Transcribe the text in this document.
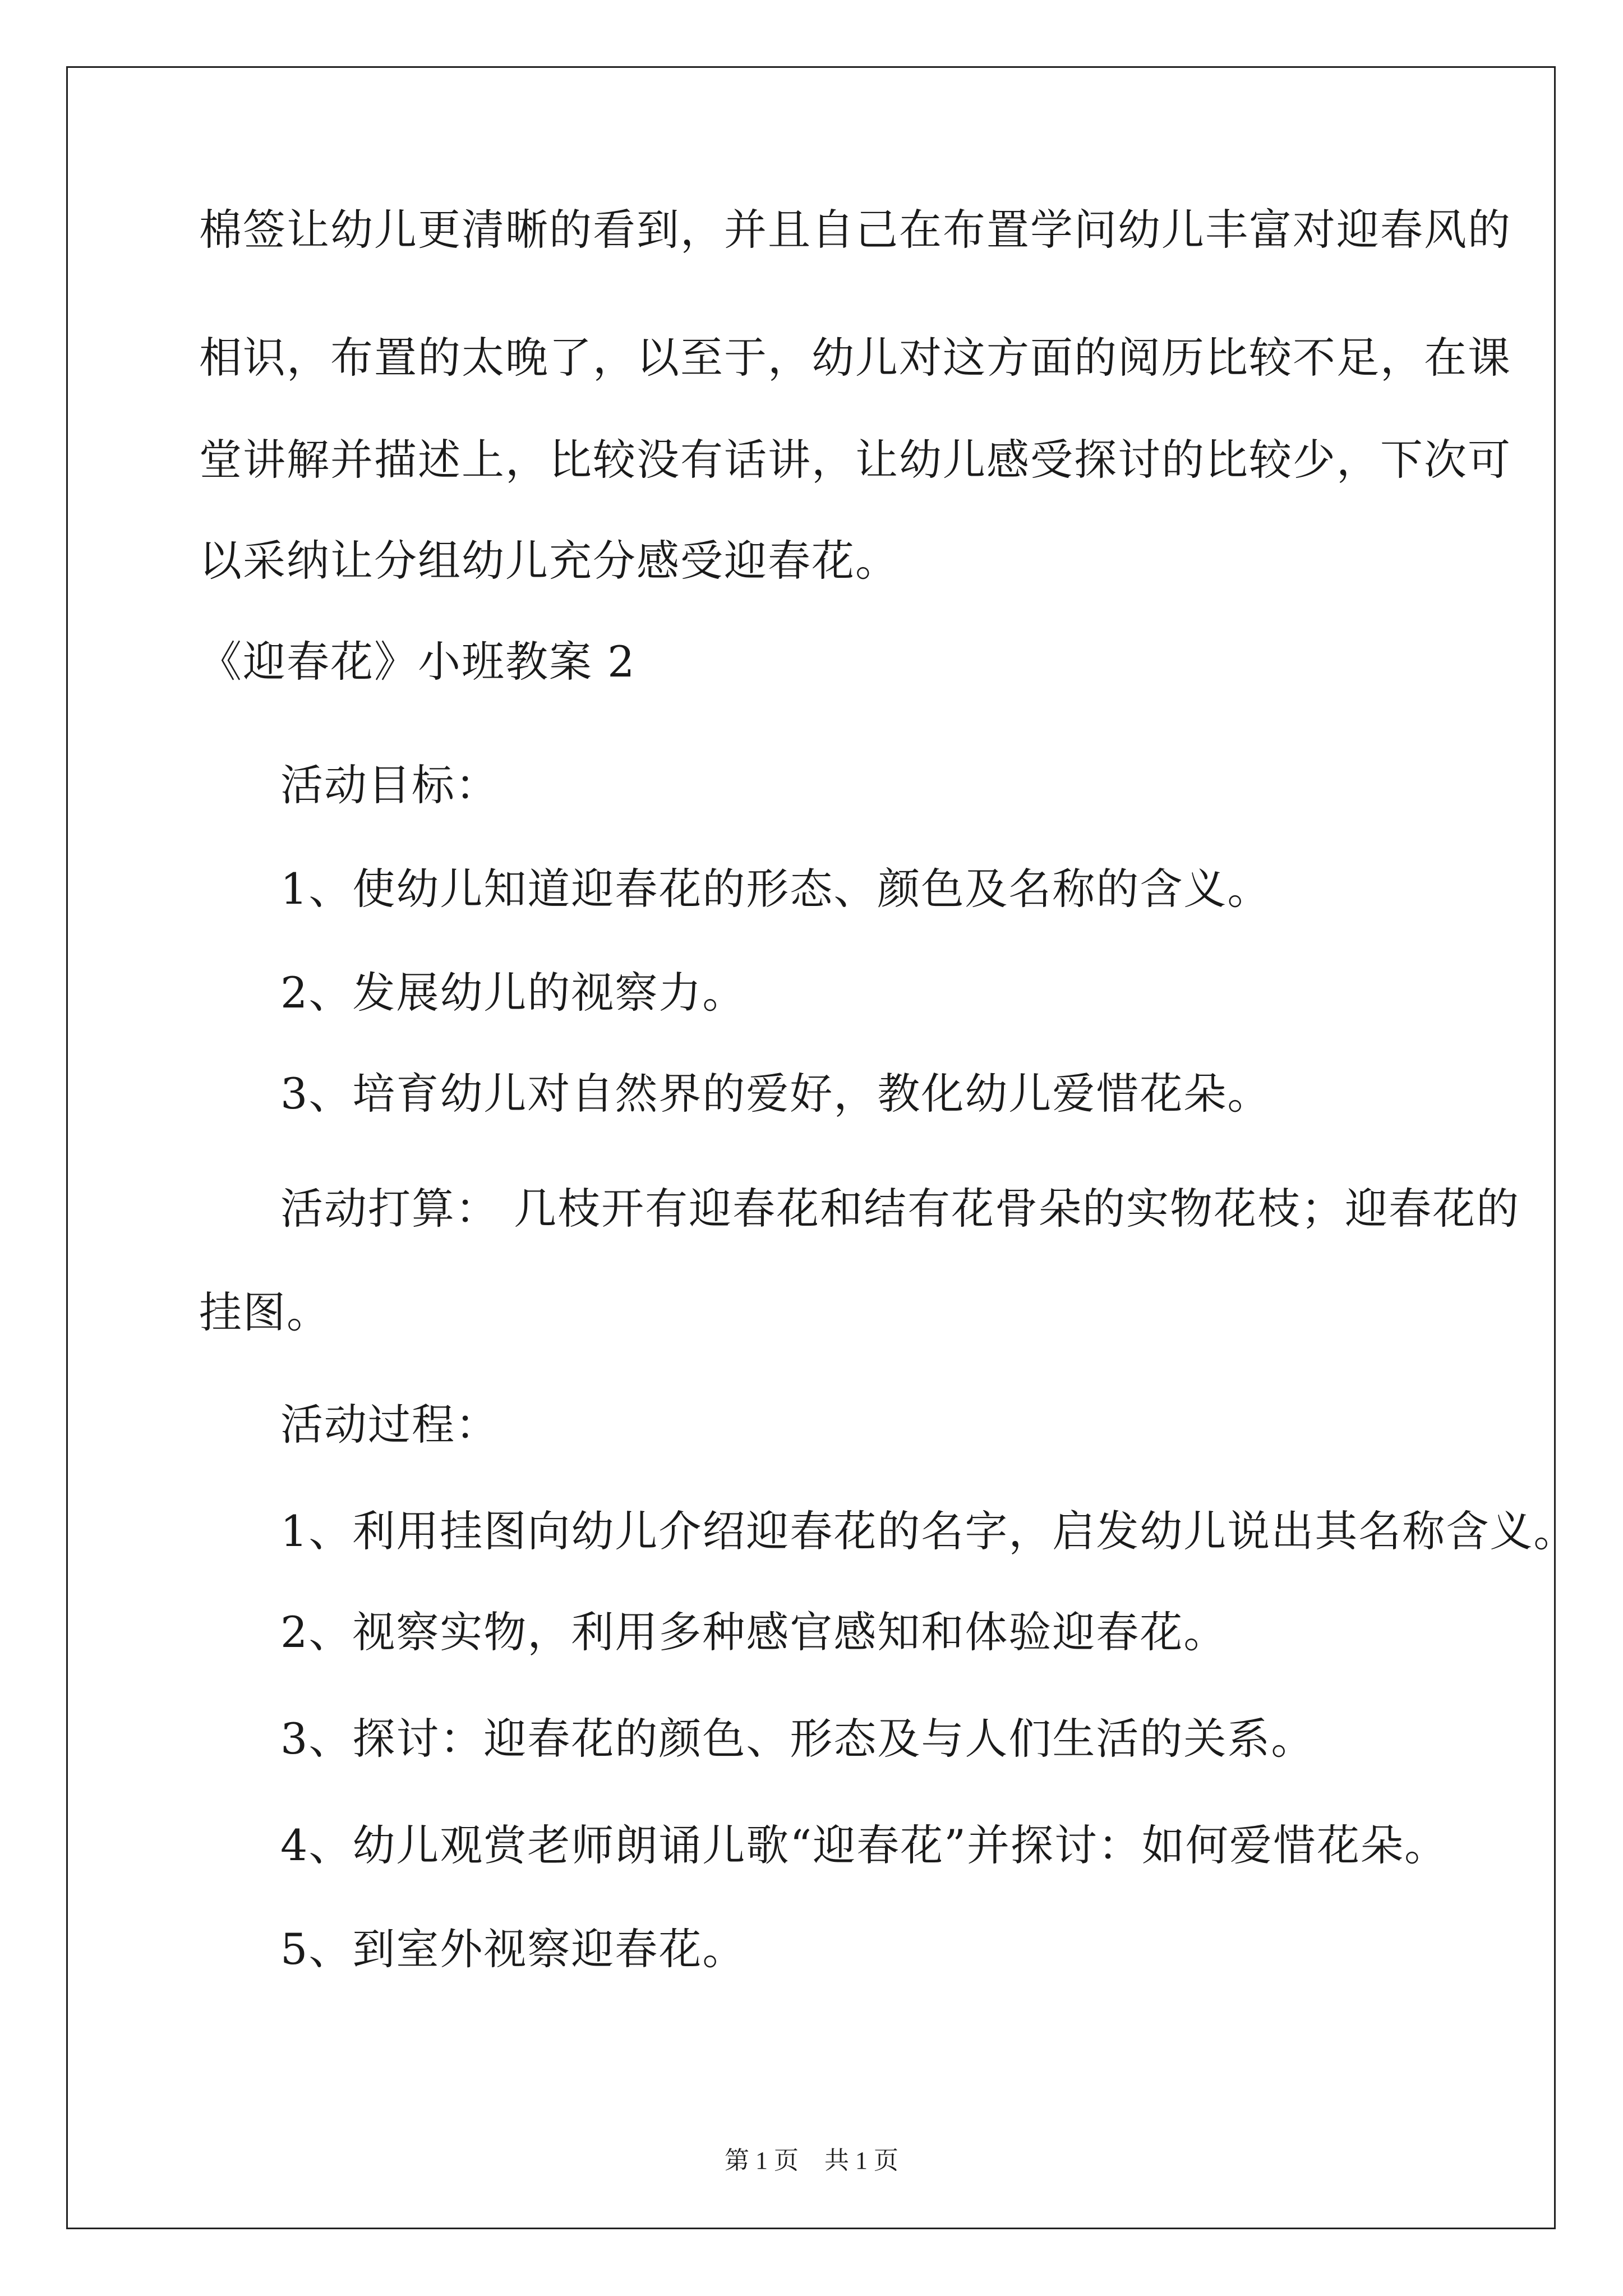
棉签让幼儿更清晰的看到，并且自己在布置学问幼儿丰富对迎春风的
相识，布置的太晚了，以至于，幼儿对这方面的阅历比较不足，在课
堂讲解并描述上，比较没有话讲，让幼儿感受探讨的比较少，下次可
以采纳让分组幼儿充分感受迎春花。
《迎春花》小班教案 2
活动目标：
1、使幼儿知道迎春花的形态、颜色及名称的含义。
2、发展幼儿的视察力。
3、培育幼儿对自然界的爱好，教化幼儿爱惜花朵。
活动打算： 几枝开有迎春花和结有花骨朵的实物花枝；迎春花的
挂图。
活动过程：
1、利用挂图向幼儿介绍迎春花的名字，启发幼儿说出其名称含义。
2、视察实物，利用多种感官感知和体验迎春花。
3、探讨：迎春花的颜色、形态及与人们生活的关系。
4、幼儿观赏老师朗诵儿歌“迎春花”并探讨：如何爱惜花朵。
5、到室外视察迎春花。
第 1 页 共 1 页
